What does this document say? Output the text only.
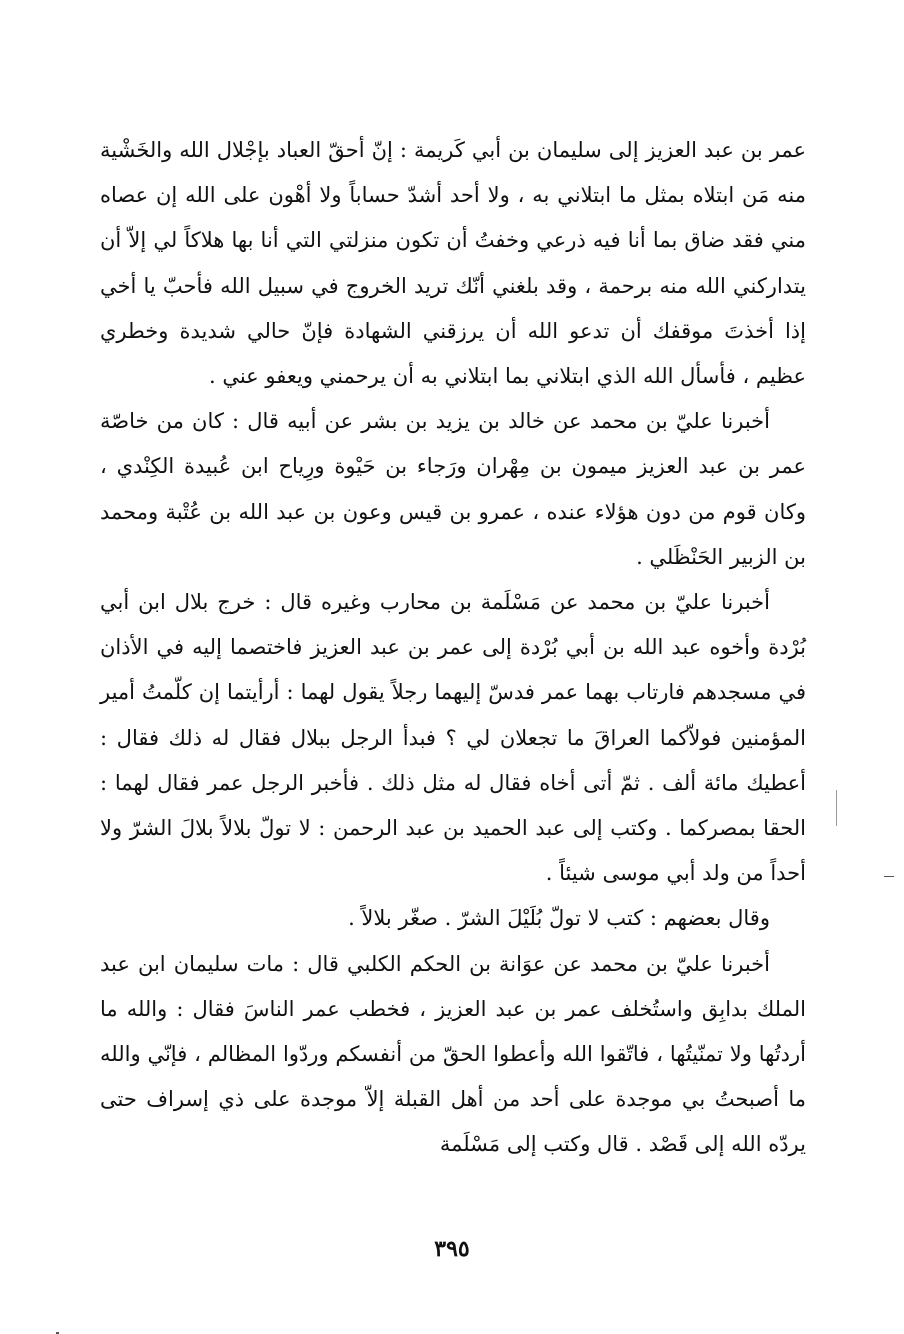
عمر بن عبد العزيز إلى سليمان بن أبي كَريمة : إنّ أحقّ العباد بإجْلال الله والخَشْية منه مَن ابتلاه بمثل ما ابتلاني به ، ولا أحد أشدّ حساباً ولا أهْون على الله إن عصاه مني فقد ضاق بما أنا فيه ذرعي وخفتُ أن تكون منزلتي التي أنا بها هلاكاً لي إلاّ أن يتداركني الله منه برحمة ، وقد بلغني أنّك تريد الخروج في سبيل الله فأحبّ يا أخي إذا أخذتَ موقفك أن تدعو الله أن يرزقني الشهادة فإنّ حالي شديدة وخطري عظيم ، فأسأل الله الذي ابتلاني بما ابتلاني به أن يرحمني ويعفو عني .

أخبرنا عليّ بن محمد عن خالد بن يزيد بن بشر عن أبيه قال : كان من خاصّة عمر بن عبد العزيز ميمون بن مِهْران ورَجاء بن حَيْوة ورِياح ابن عُبيدة الكِنْدي ، وكان قوم من دون هؤلاء عنده ، عمرو بن قيس وعون بن عبد الله بن عُتْبة ومحمد بن الزبير الحَنْظَلي .

أخبرنا عليّ بن محمد عن مَسْلَمة بن محارب وغيره قال : خرج بلال ابن أبي بُرْدة وأخوه عبد الله بن أبي بُرْدة إلى عمر بن عبد العزيز فاختصما إليه في الأذان في مسجدهم فارتاب بهما عمر فدسّ إليهما رجلاً يقول لهما : أرأيتما إن كلّمتُ أمير المؤمنين فولاّكما العراقَ ما تجعلان لي ؟ فبدأ الرجل ببلال فقال له ذلك فقال : أعطيك مائة ألف . ثمّ أتى أخاه فقال له مثل ذلك . فأخبر الرجل عمر فقال لهما : الحقا بمصركما . وكتب إلى عبد الحميد بن عبد الرحمن : لا تولّ بلالاً بلالَ الشرّ ولا أحداً من ولد أبي موسى شيئاً .

وقال بعضهم : كتب لا تولّ بُلَيْلَ الشرّ . صغّر بلالاً .

أخبرنا عليّ بن محمد عن عوَانة بن الحكم الكلبي قال : مات سليمان ابن عبد الملك بدابِق واستُخلف عمر بن عبد العزيز ، فخطب عمر الناسَ فقال : والله ما أردتُها ولا تمنّيتُها ، فاتّقوا الله وأعطوا الحقّ من أنفسكم وردّوا المظالم ، فإنّي والله ما أصبحتُ بي موجدة على أحد من أهل القبلة إلاّ موجدة على ذي إسراف حتى يردّه الله إلى قَصْد . قال وكتب إلى مَسْلَمة

٣٩٥
